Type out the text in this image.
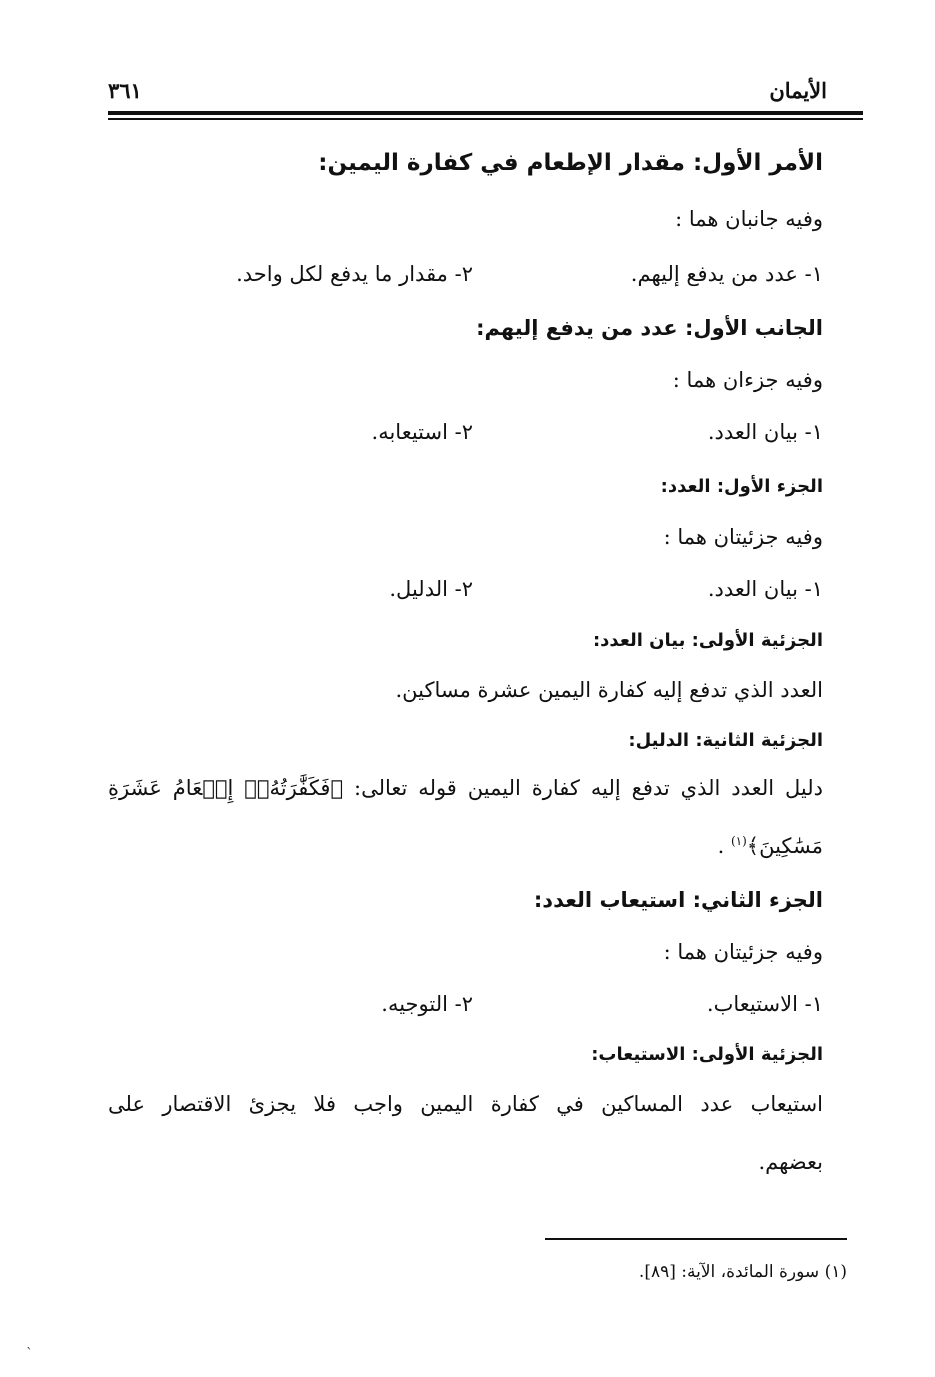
الأيمان
٣٦١
الأمر الأول: مقدار الإطعام في كفارة اليمين:
وفيه جانبان هما :
١- عدد من يدفع إليهم.
٢- مقدار ما يدفع لكل واحد.
الجانب الأول: عدد من يدفع إليهم:
وفيه جزءان هما :
١- بيان العدد.
٢- استيعابه.
الجزء الأول: العدد:
وفيه جزئيتان هما :
١- بيان العدد.
٢- الدليل.
الجزئية الأولى: بيان العدد:
العدد الذي تدفع إليه كفارة اليمين عشرة مساكين.
الجزئية الثانية: الدليل:
دليل العدد الذي تدفع إليه كفارة اليمين قوله تعالى: ﴿فَكَفَّٰرَتُهُۥٓ إِطۡعَامُ عَشَرَةِ
مَسَٰكِينَ﴾$^{(١)}$ .
الجزء الثاني: استيعاب العدد:
وفيه جزئيتان هما :
١- الاستيعاب.
٢- التوجيه.
الجزئية الأولى: الاستيعاب:
استيعاب عدد المساكين في كفارة اليمين واجب فلا يجزئ الاقتصار على
بعضهم.
(١) سورة المائدة، الآية: [٨٩].
`
